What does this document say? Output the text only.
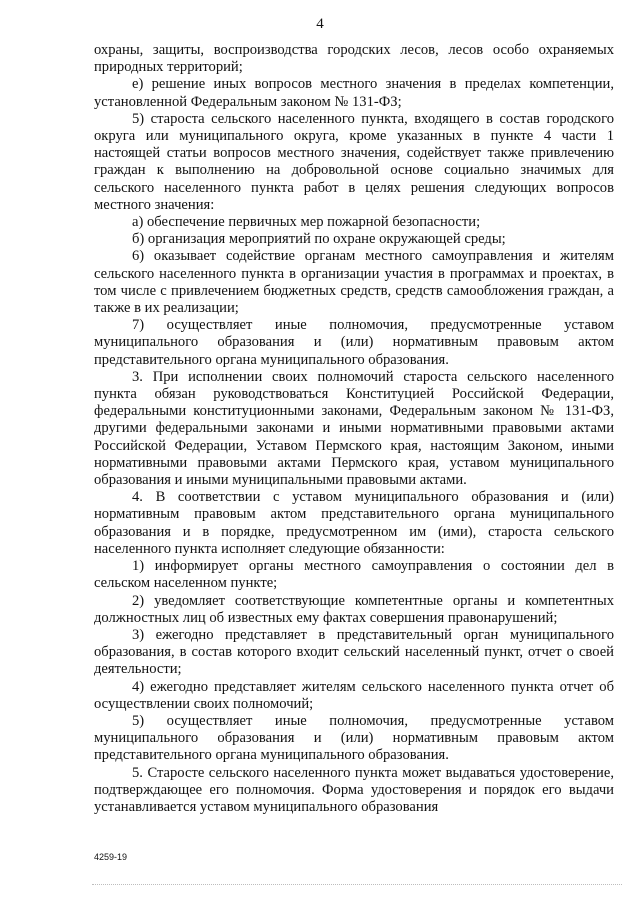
4

охраны, защиты, воспроизводства городских лесов, лесов особо охраняемых природных территорий;

е) решение иных вопросов местного значения в пределах компетенции, установленной Федеральным законом № 131-ФЗ;

5) староста сельского населенного пункта, входящего в состав городского округа или муниципального округа, кроме указанных в пункте 4 части 1 настоящей статьи вопросов местного значения, содействует также привлечению граждан к выполнению на добровольной основе социально значимых для сельского населенного пункта работ в целях решения следующих вопросов местного значения:

а) обеспечение первичных мер пожарной безопасности;

б) организация мероприятий по охране окружающей среды;

6) оказывает содействие органам местного самоуправления и жителям сельского населенного пункта в организации участия в программах и проектах, в том числе с привлечением бюджетных средств, средств самообложения граждан, а также в их реализации;

7) осуществляет иные полномочия, предусмотренные уставом муниципального образования и (или) нормативным правовым актом представительного органа муниципального образования.

3. При исполнении своих полномочий староста сельского населенного пункта обязан руководствоваться Конституцией Российской Федерации, федеральными конституционными законами, Федеральным законом № 131-ФЗ, другими федеральными законами и иными нормативными правовыми актами Российской Федерации, Уставом Пермского края, настоящим Законом, иными нормативными правовыми актами Пермского края, уставом муниципального образования и иными муниципальными правовыми актами.

4. В соответствии с уставом муниципального образования и (или) нормативным правовым актом представительного органа муниципального образования и в порядке, предусмотренном им (ими), староста сельского населенного пункта исполняет следующие обязанности:

1) информирует органы местного самоуправления о состоянии дел в сельском населенном пункте;

2) уведомляет соответствующие компетентные органы и компетентных должностных лиц об известных ему фактах совершения правонарушений;

3) ежегодно представляет в представительный орган муниципального образования, в состав которого входит сельский населенный пункт, отчет о своей деятельности;

4) ежегодно представляет жителям сельского населенного пункта отчет об осуществлении своих полномочий;

5) осуществляет иные полномочия, предусмотренные уставом муниципального образования и (или) нормативным правовым актом представительного органа муниципального образования.

5. Старосте сельского населенного пункта может выдаваться удостоверение, подтверждающее его полномочия. Форма удостоверения и порядок его выдачи устанавливается уставом муниципального образования

4259-19
